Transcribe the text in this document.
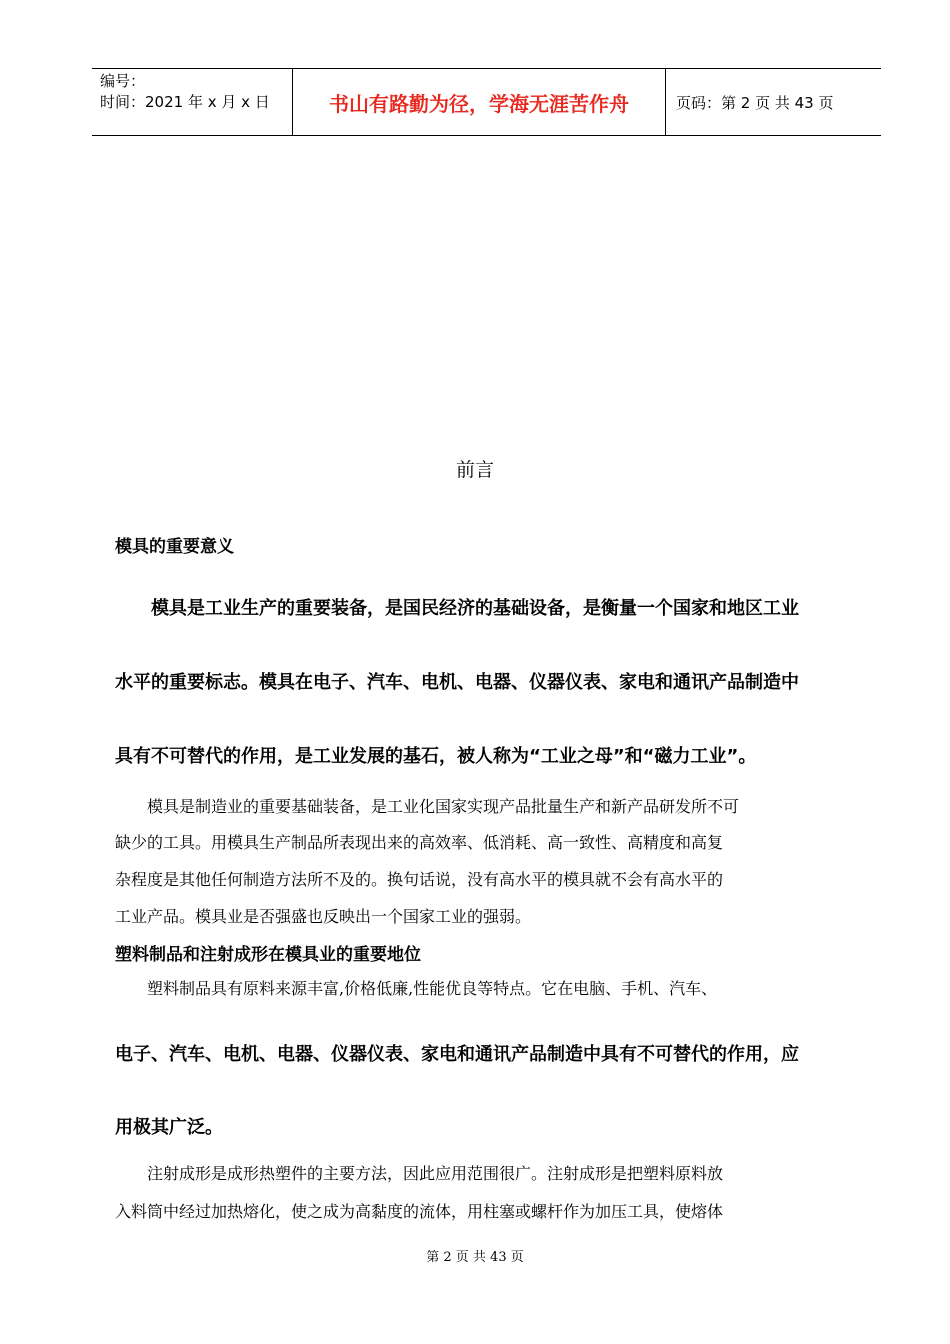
编号：
时间：2021 年 x 月 x 日	书山有路勤为径，学海无涯苦作舟	页码：第 2 页 共 43 页
前言
模具的重要意义
　　模具是工业生产的重要装备，是国民经济的基础设备，是衡量一个国家和地区工业
水平的重要标志。模具在电子、汽车、电机、电器、仪器仪表、家电和通讯产品制造中
具有不可替代的作用，是工业发展的基石，被人称为“工业之母”和“磁力工业”。
　　模具是制造业的重要基础装备，是工业化国家实现产品批量生产和新产品研发所不可
缺少的工具。用模具生产制品所表现出来的高效率、低消耗、高一致性、高精度和高复
杂程度是其他任何制造方法所不及的。换句话说，没有高水平的模具就不会有高水平的
工业产品。模具业是否强盛也反映出一个国家工业的强弱。
塑料制品和注射成形在模具业的重要地位
　　塑料制品具有原料来源丰富,价格低廉,性能优良等特点。它在电脑、手机、汽车、
电子、汽车、电机、电器、仪器仪表、家电和通讯产品制造中具有不可替代的作用，应
用极其广泛。
　　注射成形是成形热塑件的主要方法，因此应用范围很广。注射成形是把塑料原料放
入料筒中经过加热熔化，使之成为高黏度的流体，用柱塞或螺杆作为加压工具，使熔体
第 2 页 共 43 页
